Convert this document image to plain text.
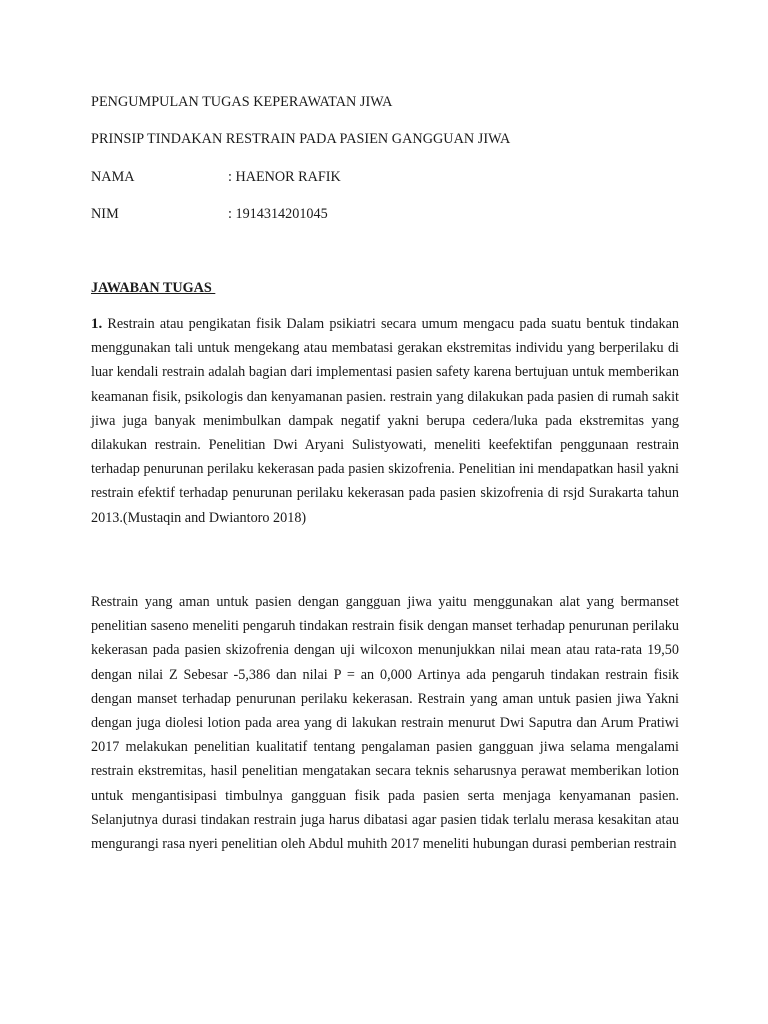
PENGUMPULAN TUGAS KEPERAWATAN JIWA
PRINSIP TINDAKAN RESTRAIN PADA PASIEN GANGGUAN JIWA
NAMA	: HAENOR RAFIK
NIM	: 1914314201045
JAWABAN TUGAS
1. Restrain atau pengikatan fisik Dalam psikiatri secara umum mengacu pada suatu bentuk tindakan menggunakan tali untuk mengekang atau membatasi gerakan ekstremitas individu yang berperilaku di luar kendali restrain adalah bagian dari implementasi pasien safety karena bertujuan untuk memberikan keamanan fisik, psikologis dan kenyamanan pasien. restrain yang dilakukan pada pasien di rumah sakit jiwa juga banyak menimbulkan dampak negatif yakni berupa cedera/luka pada ekstremitas yang dilakukan restrain. Penelitian Dwi Aryani Sulistyowati, meneliti keefektifan penggunaan restrain terhadap penurunan perilaku kekerasan pada pasien skizofrenia. Penelitian ini mendapatkan hasil yakni restrain efektif terhadap penurunan perilaku kekerasan pada pasien skizofrenia di rsjd Surakarta tahun 2013.(Mustaqin and Dwiantoro 2018)
Restrain yang aman untuk pasien dengan gangguan jiwa yaitu menggunakan alat yang bermanset penelitian saseno meneliti pengaruh tindakan restrain fisik dengan manset terhadap penurunan perilaku kekerasan pada pasien skizofrenia dengan uji wilcoxon menunjukkan nilai mean atau rata-rata 19,50 dengan nilai Z Sebesar -5,386 dan nilai P = an 0,000 Artinya ada pengaruh tindakan restrain fisik dengan manset terhadap penurunan perilaku kekerasan. Restrain yang aman untuk pasien jiwa Yakni dengan juga diolesi lotion pada area yang di lakukan restrain menurut Dwi Saputra dan Arum Pratiwi 2017 melakukan penelitian kualitatif tentang pengalaman pasien gangguan jiwa selama mengalami restrain ekstremitas, hasil penelitian mengatakan secara teknis seharusnya perawat memberikan lotion untuk mengantisipasi timbulnya gangguan fisik pada pasien serta menjaga kenyamanan pasien. Selanjutnya durasi tindakan restrain juga harus dibatasi agar pasien tidak terlalu merasa kesakitan atau mengurangi rasa nyeri penelitian oleh Abdul muhith 2017 meneliti hubungan durasi pemberian restrain
